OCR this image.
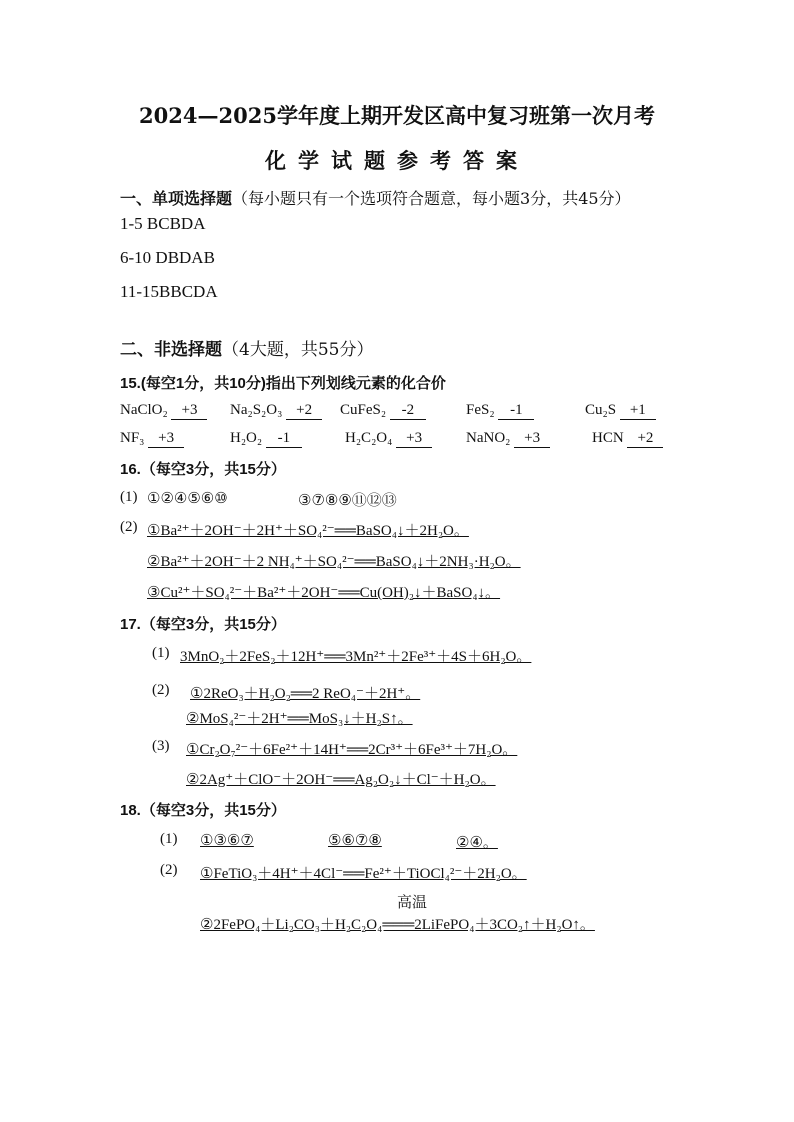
2024—2025学年度上期开发区高中复习班第一次月考
化学试题参考答案
一、单项选择题（每小题只有一个选项符合题意，每小题3分，共45分）
1-5 BCBDA
6-10 DBDAB
11-15BBCDA
二、非选择题（4大题，共55分）
15.(每空1分，共10分)指出下列划线元素的化合价
NaClO₂ +3	Na₂S₂O₃ +2	CuFeS₂ -2	FeS₂ -1	Cu₂S +1
NF₃ +3	H₂O₂ -1	H₂C₂O₄ +3	NaNO₂ +3	HCN +2
16.（每空3分，共15分）
(1) ①②④⑤⑥⑩	③⑦⑧⑨⑪⑫⑬
(2) ①Ba²⁺＋2OH⁻＋2H⁺＋SO₄²⁻══BaSO₄↓＋2H₂O。
②Ba²⁺＋2OH⁻＋2 NH₄⁺＋SO₄²⁻══BaSO₄↓＋2NH₃·H₂O。
③Cu²⁺＋SO₄²⁻＋Ba²⁺＋2OH⁻══Cu(OH)₂↓＋BaSO₄↓。
17.（每空3分，共15分）
(1) 3MnO₂＋2FeS₂＋12H⁺══3Mn²⁺＋2Fe³⁺＋4S＋6H₂O。
(2) ①2ReO₃＋H₂O₂══2 ReO₄⁻＋2H⁺。
②MoS₄²⁻＋2H⁺══MoS₃↓＋H₂S↑。
(3) ①Cr₂O₇²⁻＋6Fe²⁺＋14H⁺══2Cr³⁺＋6Fe³⁺＋7H₂O。
②2Ag⁺＋ClO⁻＋2OH⁻══Ag₂O₂↓＋Cl⁻＋H₂O。
18.（每空3分，共15分）
(1) ①③⑥⑦	⑤⑥⑦⑧	②④。
(2) ①FeTiO₃＋4H⁺＋4Cl⁻══Fe²⁺＋TiOCl₄²⁻＋2H₂O。
高温
②2FePO₄＋Li₂CO₃＋H₂C₂O₄═══2LiFePO₄＋3CO₂↑＋H₂O↑。
